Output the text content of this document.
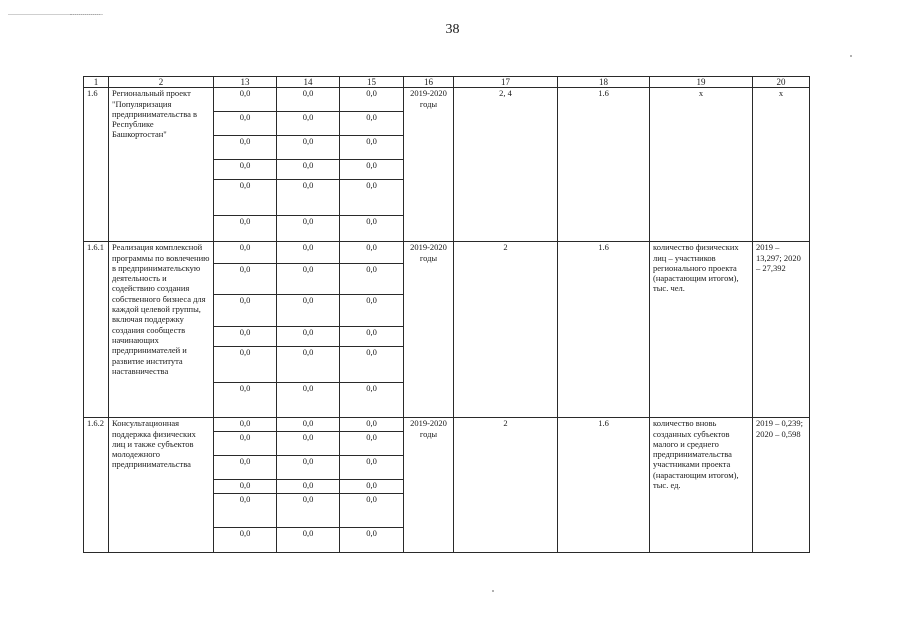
38
1	2	13	14	15	16	17	18	19	20
1.6	Региональный проект "Популяризация предпринимательства в Республике Башкортостан"	0,0	0,0	0,0	2019-2020 годы	2, 4	1.6	х	х
		0,0	0,0	0,0					
		0,0	0,0	0,0					
		0,0	0,0	0,0					
		0,0	0,0	0,0					
		0,0	0,0	0,0					
1.6.1	Реализация комплексной программы по вовлечению в предпринимательскую деятельность и содействию создания собственного бизнеса для каждой целевой группы, включая поддержку создания сообществ начинающих предпринимателей и развитие института наставничества	0,0	0,0	0,0	2019-2020 годы	2	1.6	количество физических лиц – участников регионального проекта (нарастающим итогом), тыс. чел.	2019 – 13,297; 2020 – 27,392
		0,0	0,0	0,0					
		0,0	0,0	0,0					
		0,0	0,0	0,0					
		0,0	0,0	0,0					
		0,0	0,0	0,0					
1.6.2	Консультационная поддержка физических лиц и также субъектов молодежного предпринимательства	0,0	0,0	0,0	2019-2020 годы	2	1.6	количество вновь созданных субъектов малого и среднего предпринимательства участниками проекта (нарастающим итогом), тыс. ед.	2019 – 0,239; 2020 – 0,598
		0,0	0,0	0,0					
		0,0	0,0	0,0					
		0,0	0,0	0,0					
		0,0	0,0	0,0					
		0,0	0,0	0,0					
